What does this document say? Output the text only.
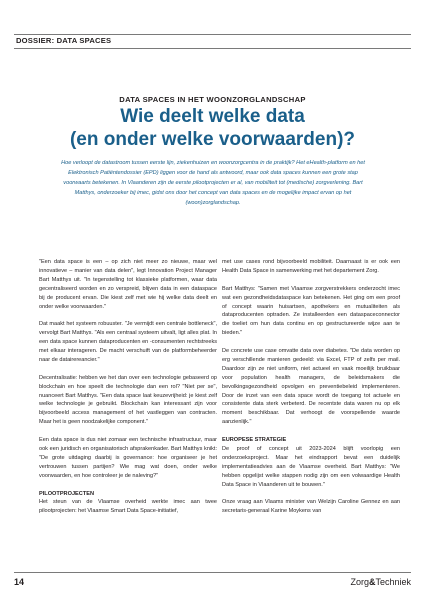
DOSSIER: DATA SPACES
DATA SPACES IN HET WOONZORGLANDSCHAP
Wie deelt welke data
(en onder welke voorwaarden)?
Hoe verloopt de datastroom tussen eerste lijn, ziekenhuizen en woonzorgcentra in de praktijk? Het eHealth-platform en het Elektronisch Patiëntendossier (EPD) liggen voor de hand als antwoord, maar ook data spaces kunnen een grote stap voorwaarts betekenen. In Vlaanderen zijn de eerste pilootprojecten er al, van mobiliteit tot (medische) zorgverlening. Bart Matthys, onderzoeker bij imec, gidst ons door het concept van data spaces en de mogelijke impact ervan op het (woon)zorglandschap.

"Een data space is een – op zich niet meer zo nieuwe, maar wel innovatieve – manier van data delen", legt Innovation Project Manager Bart Matthys uit. "In tegenstelling tot klassieke platformen, waar data gecentraliseerd worden en zo verspreid, blijven data in een dataspace bij de producent ervan. Die kiest zelf met wie hij welke data deelt en onder welke voorwaarden."

Dat maakt het systeem robuuster. "Je vermijdt een centrale bottleneck", vervolgt Bart Matthys. "Als een centraal systeem uitvalt, ligt alles plat. In een data space kunnen dataproducenten en -consumenten rechtstreeks met elkaar interageren. De macht verschuift van de platformbeheerder naar de datairereancier."

Decentralisatie: hebben we het dan over een technologie gebaseerd op blockchain en hoe speelt die technologie dan een rol? "Niet per se", nuanceert Bart Matthys. "Een data space laat keuzevrijheid: je kiest zelf welke technologie je gebruikt. Blockchain kan interessant zijn voor bijvoorbeeld access management of het vastleggen van contracten. Maar het is geen noodzakelijke component."

Een data space is dus niet zomaar een technische infrastructuur, maar ook een juridisch en organisatorisch afsprakenkader. Bart Matthys knikt: "De grote uitdaging daarbij is governance: hoe organiseer je het vertrouwen tussen partijen? Wie mag wat doen, onder welke voorwaarden, en hoe controleer je de naleving?"

PILOOTPROJECTEN

Het steun van de Vlaamse overheid werkte imec aan twee pilootprojecten: het Vlaamse Smart Data Space-initiatief,

met use cases rond bijvoorbeeld mobiliteit. Daarnaast is er ook een Health Data Space in samenwerking met het departement Zorg.

Bart Matthys: "Samen met Vlaamse zorgverstrekkers onderzocht imec wat een gezondheidsdataspace kan betekenen. Het ging om een proof of concept waarin huisartsen, apothekers en mutualiteiten als dataproducenten optraden. Ze installeerden een dataspaceconnector die toeliet om hun data continu en op gestructureerde wijze aan te bieden."

De concrete use case omvatte data over diabetes. "De data worden op erg verschillende manieren gedeeld: via Excel, FTP of zelfs per mail. Daardoor zijn ze niet uniform, niet actueel en vaak moeilijk bruikbaar voor population health managers, de beleidsmakers die bevolkingsgezondheid opvolgen en preventiebeleid implementeren. Door de inzet van een data space wordt de toegang tot actuele en consistente data sterk verbeterd. De recentste data waren nu op elk moment beschikbaar. Dat verhoogt de voorspellende waarde aanzienlijk."

EUROPESE STRATEGIE

De proof of concept uit 2023-2024 blijft voorlopig een onderzoeksproject. Maar het eindrapport bevat een duidelijk implementatieadvies aan de Vlaamse overheid. Bart Matthys: "We hebben opgelijst welke stappen nodig zijn om een volwaardige Health Data Space in Vlaanderen uit te bouwen."

Onze vraag aan Vlaams minister van Welzijn Caroline Gennez en aan secretaris-generaal Karine Moykens van

14	Zorg&Techniek
